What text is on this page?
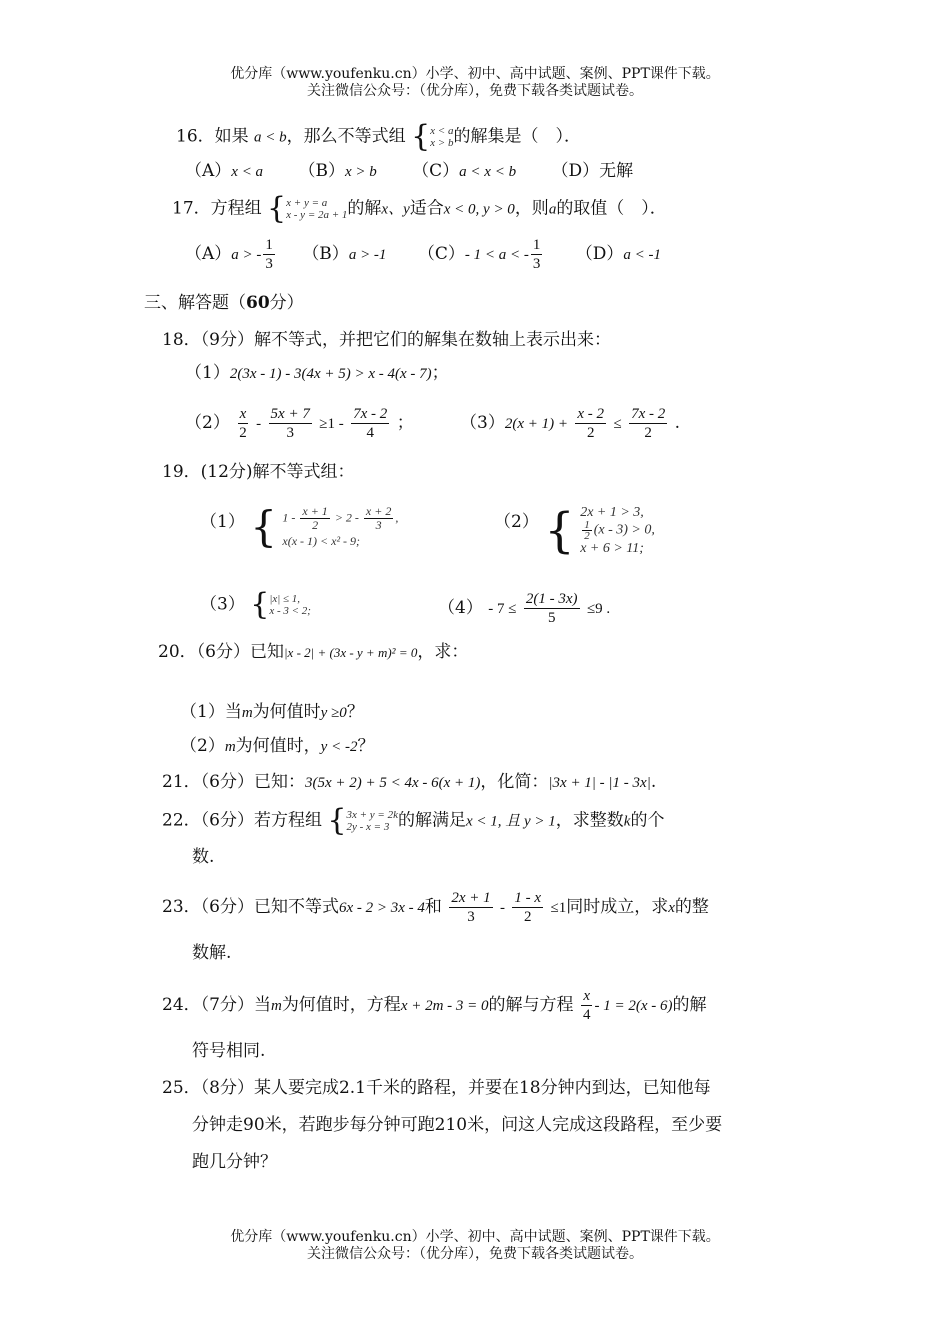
优分库（www.youfenku.cn）小学、初中、高中试题、案例、PPT课件下载。
关注微信公众号：（优分库），免费下载各类试题试卷。
16．如果 a < b，那么不等式组 { x < a
x > b 的解集是（　）．
（A）x < a （B）x > b （C）a < x < b （D）无解
17．方程组 { x + y = a
x - y = 2a + 1 的解x、y适合x < 0, y > 0，则a的取值（　）．
（A）a > - $\frac{1}{3} (B)a > -1$ （C）- 1 < a < - $\frac{1}{3} (D)a < -1$
三、解答题（60分）
18．（9分）解不等式，并把它们的解集在数轴上表示出来：
（1）2(3x - 1) - 3(4x + 5) > x - 4(x - 7)；
$(2) \frac{x}{2} - \frac{5x + 7}{3} \ge 1 - \frac{7x - 2}{4}$ ；	$(3)2(x + 1) + \frac{x - 2}{2} \le \frac{7x - 2}{2}$ .
19．(12分)解不等式组：
（1） { $1 - \frac{x + 1}{2} > 2 - \frac{x + 2}{3}$ ,
x(x - 1) < x² - 9;
（2） { 2x + 1 > 3,
$\frac{1}{2} (x - 3) > 0$,
x + 6 > 11;
（3） { |x| ≤ 1,
x - 3 < 2;	$(4) - 7 \le \frac{2(1 - 3x)}{5} \le 9$ .
20．（6分）已知|x - 2| + (3x - y + m)² = 0，求：
（1）当m为何值时y ≥0？
（2）m为何值时，y < -2？
21．（6分）已知：3(5x + 2) + 5 < 4x - 6(x + 1)，化简：|3x + 1| - |1 - 3x|.
22．（6分）若方程组 { 3x + y = 2k
2y - x = 3 的解满足x < 1, 且 y > 1，求整数k的个
数.
23．（6分）已知不等式6x - 2 > 3x - 4和 $\frac{2x + 1}{3} - \frac{1 - x}{2} \le 1$同时成立，求x的整
数解.
24．（7分）当m为何值时，方程x + 2m - 3 = 0的解与方程 $\frac{x}{4} - 1 = 2(x - 6)$的解
符号相同.
25．（8分）某人要完成2.1千米的路程，并要在18分钟内到达，已知他每
分钟走90米，若跑步每分钟可跑210米，问这人完成这段路程，至少要
跑几分钟？
优分库（www.youfenku.cn）小学、初中、高中试题、案例、PPT课件下载。
关注微信公众号：（优分库），免费下载各类试题试卷。
